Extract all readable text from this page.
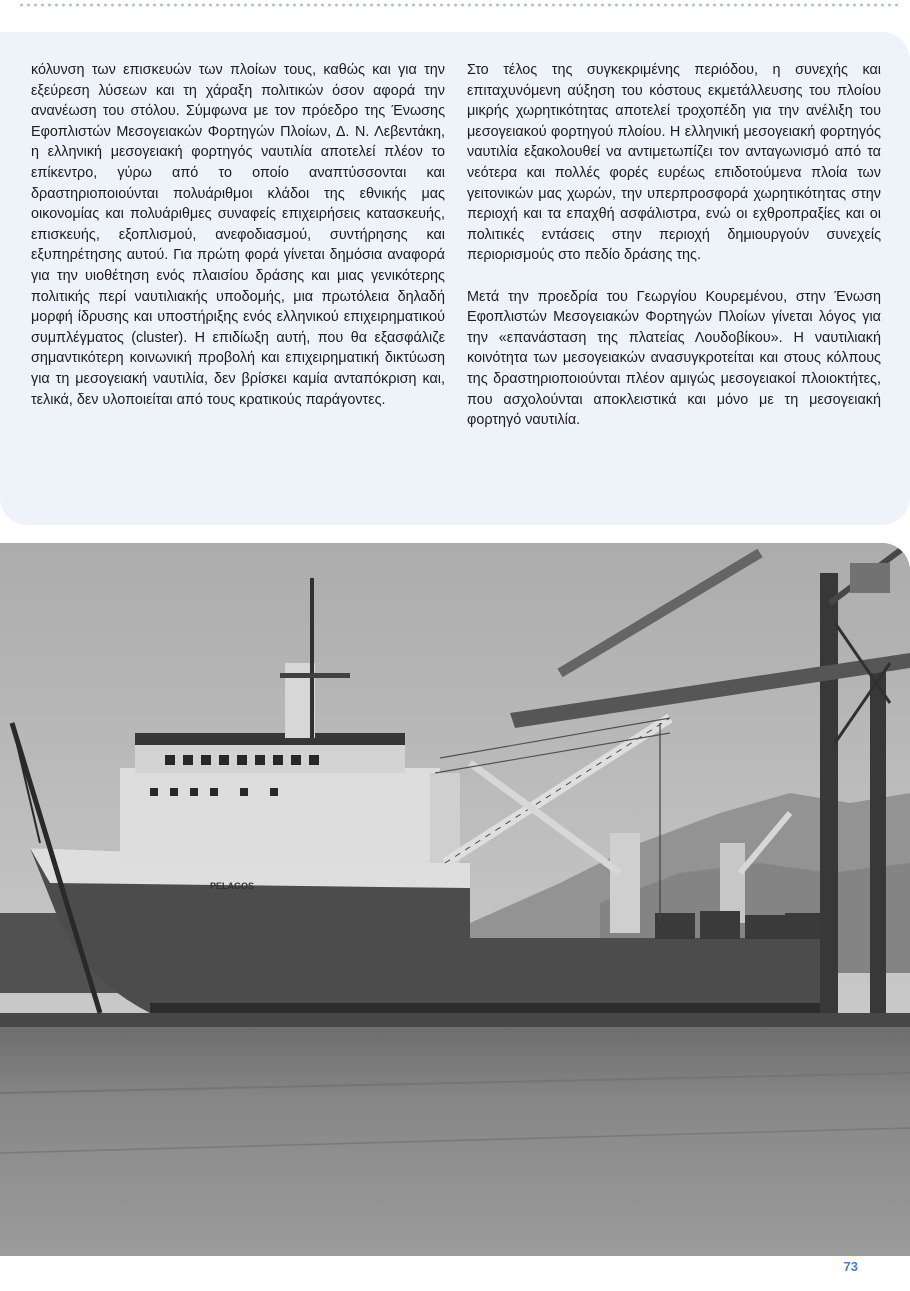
κόλυνση των επισκευών των πλοίων τους, καθώς και για την εξεύρεση λύσεων και τη χάραξη πολιτικών όσον αφορά την ανανέωση του στόλου. Σύμφωνα με τον πρόεδρο της Ένωσης Εφοπλιστών Μεσογειακών Φορτηγών Πλοίων, Δ. Ν. Λεβεντάκη, η ελληνική μεσογειακή φορτηγός ναυτιλία αποτελεί πλέον το επίκεντρο, γύρω από το οποίο αναπτύσσονται και δραστηριοποιούνται πολυάριθμοι κλάδοι της εθνικής μας οικονομίας και πολυάριθμες συναφείς επιχειρήσεις κατασκευής, επισκευής, εξοπλισμού, ανεφοδιασμού, συντήρησης και εξυπηρέτησης αυτού. Για πρώτη φορά γίνεται δημόσια αναφορά για την υιοθέτηση ενός πλαισίου δράσης και μιας γενικότερης πολιτικής περί ναυτιλιακής υποδομής, μια πρωτόλεια δηλαδή μορφή ίδρυσης και υποστήριξης ενός ελληνικού επιχειρηματικού συμπλέγματος (cluster). Η επιδίωξη αυτή, που θα εξασφάλιζε σημαντικότερη κοινωνική προβολή και επιχειρηματική δικτύωση για τη μεσογειακή ναυτιλία, δεν βρίσκει καμία ανταπόκριση και, τελικά, δεν υλοποιείται από τους κρατικούς παράγοντες.

Στο τέλος της συγκεκριμένης περιόδου, η συνεχής και επιταχυνόμενη αύξηση του κόστους εκμετάλλευσης του πλοίου μικρής χωρητικότητας αποτελεί τροχοπέδη για την ανέλιξη του μεσογειακού φορτηγού πλοίου. Η ελληνική μεσογειακή φορτηγός ναυτιλία εξακολουθεί να αντιμετωπίζει τον ανταγωνισμό από τα νεότερα και πολλές φορές ευρέως επιδοτούμενα πλοία των γειτονικών μας χωρών, την υπερπροσφορά χωρητικότητας στην περιοχή και τα επαχθή ασφάλιστρα, ενώ οι εχθροπραξίες και οι πολιτικές εντάσεις στην περιοχή δημιουργούν συνεχείς περιορισμούς στο πεδίο δράσης της.

Μετά την προεδρία του Γεωργίου Κουρεμένου, στην Ένωση Εφοπλιστών Μεσογειακών Φορτηγών Πλοίων γίνεται λόγος για την «επανάσταση της πλατείας Λουδοβίκου». Η ναυτιλιακή κοινότητα των μεσογειακών ανασυγκροτείται και στους κόλπους της δραστηριοποιούνται πλέον αμιγώς μεσογειακοί πλοιοκτήτες, που ασχολούνται αποκλειστικά και μόνο με τη μεσογειακή φορτηγό ναυτιλία.

PELAGOS
73
